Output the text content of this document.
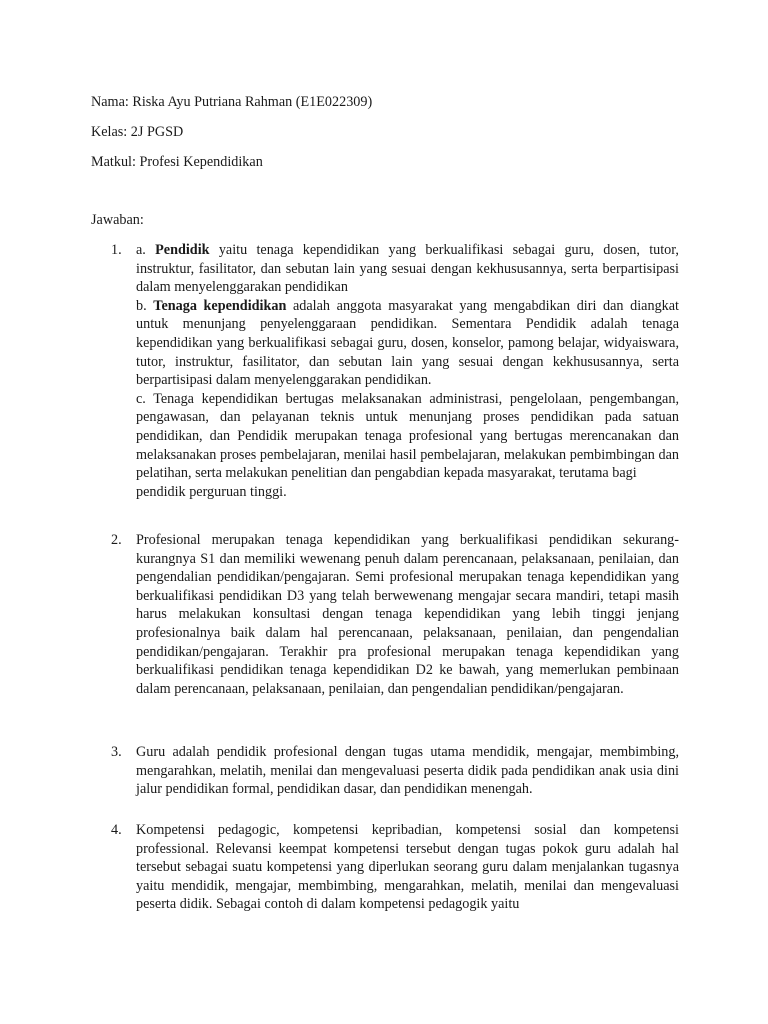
Nama: Riska Ayu Putriana Rahman (E1E022309)
Kelas: 2J PGSD
Matkul: Profesi Kependidikan
Jawaban:
1. a. Pendidik yaitu tenaga kependidikan yang berkualifikasi sebagai guru, dosen, tutor, instruktur, fasilitator, dan sebutan lain yang sesuai dengan kekhususannya, serta berpartisipasi dalam menyelenggarakan pendidikan

b. Tenaga kependidikan adalah anggota masyarakat yang mengabdikan diri dan diangkat untuk menunjang penyelenggaraan pendidikan. Sementara Pendidik adalah tenaga kependidikan yang berkualifikasi sebagai guru, dosen, konselor, pamong belajar, widyaiswara, tutor, instruktur, fasilitator, dan sebutan lain yang sesuai dengan kekhususannya, serta berpartisipasi dalam menyelenggarakan pendidikan.

c. Tenaga kependidikan bertugas melaksanakan administrasi, pengelolaan, pengembangan, pengawasan, dan pelayanan teknis untuk menunjang proses pendidikan pada satuan pendidikan, dan Pendidik merupakan tenaga profesional yang bertugas merencanakan dan melaksanakan proses pembelajaran, menilai hasil pembelajaran, melakukan pembimbingan dan pelatihan, serta melakukan penelitian dan pengabdian kepada masyarakat, terutama bagi

pendidik perguruan tinggi.

2. Profesional merupakan tenaga kependidikan yang berkualifikasi pendidikan sekurang-kurangnya S1 dan memiliki wewenang penuh dalam perencanaan, pelaksanaan, penilaian, dan pengendalian pendidikan/pengajaran. Semi profesional merupakan tenaga kependidikan yang berkualifikasi pendidikan D3 yang telah berwewenang mengajar secara mandiri, tetapi masih harus melakukan konsultasi dengan tenaga kependidikan yang lebih tinggi jenjang profesionalnya baik dalam hal perencanaan, pelaksanaan, penilaian, dan pengendalian pendidikan/pengajaran. Terakhir pra profesional merupakan tenaga kependidikan yang berkualifikasi pendidikan tenaga kependidikan D2 ke bawah, yang memerlukan pembinaan dalam perencanaan, pelaksanaan, penilaian, dan pengendalian pendidikan/pengajaran.

3. Guru adalah pendidik profesional dengan tugas utama mendidik, mengajar, membimbing, mengarahkan, melatih, menilai dan mengevaluasi peserta didik pada pendidikan anak usia dini jalur pendidikan formal, pendidikan dasar, dan pendidikan menengah.

4. Kompetensi pedagogic, kompetensi kepribadian, kompetensi sosial dan kompetensi professional. Relevansi keempat kompetensi tersebut dengan tugas pokok guru adalah hal tersebut sebagai suatu kompetensi yang diperlukan seorang guru dalam menjalankan tugasnya yaitu mendidik, mengajar, membimbing, mengarahkan, melatih, menilai dan mengevaluasi peserta didik. Sebagai contoh di dalam kompetensi pedagogik yaitu
